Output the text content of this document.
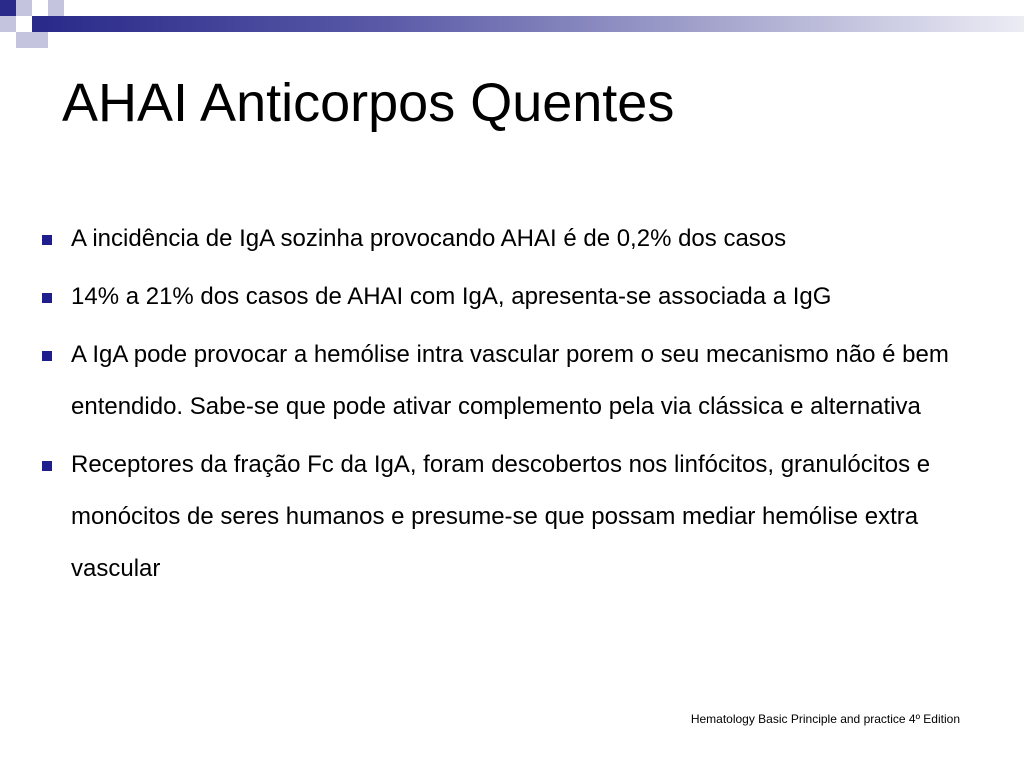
AHAI Anticorpos Quentes
A incidência de IgA sozinha provocando AHAI é de 0,2% dos casos
14% a 21% dos casos de AHAI com IgA, apresenta-se associada a IgG
A IgA pode provocar a hemólise intra vascular porem o seu mecanismo não é bem entendido. Sabe-se que pode ativar complemento pela via clássica e alternativa
Receptores da fração Fc da IgA, foram descobertos nos linfócitos, granulócitos e monócitos de seres humanos e presume-se que possam mediar hemólise extra vascular
Hematology Basic Principle and practice 4º Edition
